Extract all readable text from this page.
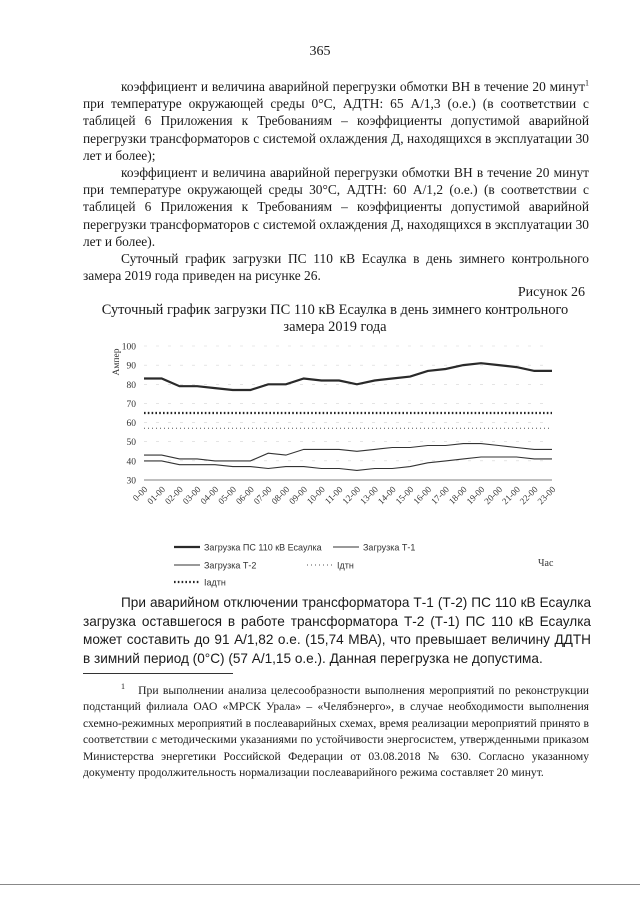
365

коэффициент и величина аварийной перегрузки обмотки ВН в течение 20 минут$^1$ при температуре окружающей среды 0°С, АДТН: 65 А/1,3 (о.е.) (в соответствии с таблицей 6 Приложения к Требованиям – коэффициенты допустимой аварийной перегрузки трансформаторов с системой охлаждения Д, находящихся в эксплуатации 30 лет и более);

коэффициент и величина аварийной перегрузки обмотки ВН в течение 20 минут при температуре окружающей среды 30°С, АДТН: 60 А/1,2 (о.е.) (в соответствии с таблицей 6 Приложения к Требованиям – коэффициенты допустимой аварийной перегрузки трансформаторов с системой охлаждения Д, находящихся в эксплуатации 30 лет и более).

Суточный график загрузки ПС 110 кВ Есаулка в день зимнего контрольного замера 2019 года приведен на рисунке 26.

Рисунок 26
Суточный график загрузки ПС 110 кВ Есаулка в день зимнего контрольного замера 2019 года
30
40
50
60
70
80
90
100
Ампер
0-00
01-00
02-00
03-00
04-00
05-00
06-00
07-00
08-00
09-00
10-00
11-00
12-00
13-00
14-00
15-00
16-00
17-00
18-00
19-00
20-00
21-00
22-00
23-00
Загрузка ПС 110 кВ Есаулка	Загрузка Т-1
Загрузка Т-2	Iдтн
Iадтн
Час

При аварийном отключении трансформатора Т-1 (Т-2) ПС 110 кВ Есаулка загрузка оставшегося в работе трансформатора Т-2 (Т-1) ПС 110 кВ Есаулка может составить до 91 А/1,82 о.е. (15,74 МВА), что превышает величину ДДТН в зимний период (0°С) (57 А/1,15 о.е.). Данная перегрузка не допустима.

$^1$ При выполнении анализа целесообразности выполнения мероприятий по реконструкции подстанций филиала ОАО «МРСК Урала» – «Челябэнерго», в случае необходимости выполнения схемно-режимных мероприятий в послеаварийных схемах, время реализации мероприятий принято в соответствии с методическими указаниями по устойчивости энергосистем, утвержденными приказом Министерства энергетики Российской Федерации от 03.08.2018 № 630. Согласно указанному документу продолжительность нормализации послеаварийного режима составляет 20 минут.
